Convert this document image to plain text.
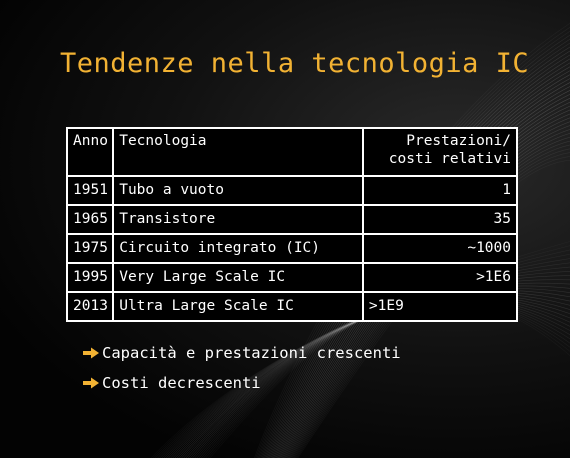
Tendenze nella tecnologia IC
Anno	Tecnologia	Prestazioni/ costi relativi
1951	Tubo a vuoto	1
1965	Transistore	35
1975	Circuito integrato (IC)	~1000
1995	Very Large Scale IC	>1E6
2013	Ultra Large Scale IC	>1E9
Capacità e prestazioni crescenti
Costi decrescenti
